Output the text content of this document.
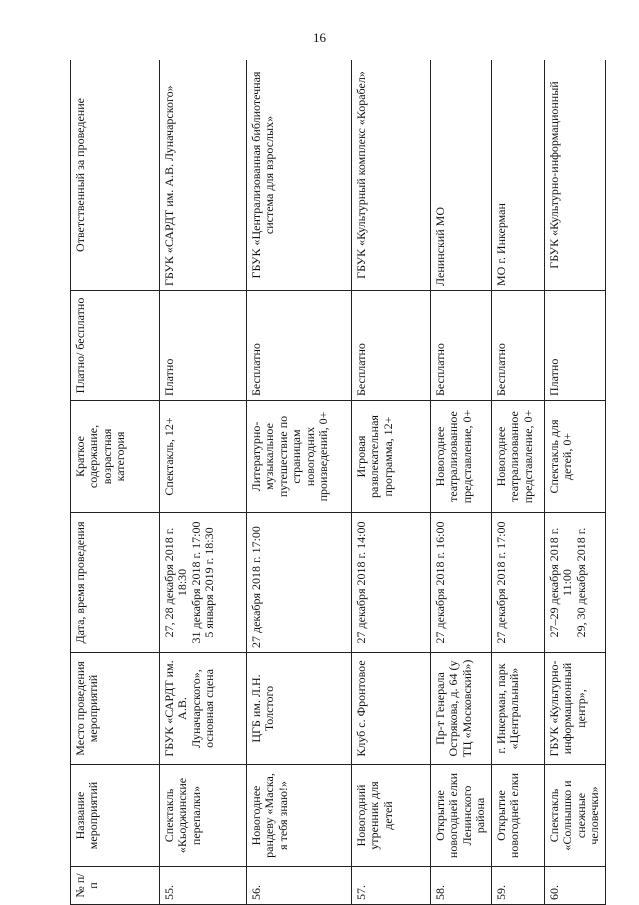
16
№ п/п	Название мероприятий	Место проведения мероприятий	Дата, время проведения	Краткое содержание, возрастная категория	Платно/ бесплатно	Ответственный за проведение
55.	Спектакль «Кьоджинские перепалки»	ГБУК «САРДТ им. А.В. Луначарского», основная сцена	27, 28 декабря 2018 г. 18:30
31 декабря 2018 г. 17:00
5 января 2019 г. 18:30	Спектакль, 12+	Платно	ГБУК «САРДТ им. А.В. Луначарского»
56.	Новогоднее рандеву «Маска, я тебя знаю!»	ЦГБ им. Л.Н. Толстого	27 декабря 2018 г. 17:00	Литературно-музыкальное путешествие по страницам новогодних произведений, 0+	Бесплатно	ГБУК «Централизованная библиотечная система для взрослых»
57.	Новогодний утренник для детей	Клуб с. Фронтовое	27 декабря 2018 г. 14:00	Игровая развлекательная программа, 12+	Бесплатно	ГБУК «Культурный комплекс «Корабел»
58.	Открытие новогодней елки Ленинского района	Пр-т Генерала Острякова, д. 64 (у ТЦ «Московский»)	27 декабря 2018 г. 16:00	Новогоднее театрализованное представление, 0+	Бесплатно	Ленинский МО
59.	Открытие новогодней елки	г. Инкерман, парк «Центральный»	27 декабря 2018 г. 17:00	Новогоднее театрализованное представление, 0+	Бесплатно	МО г. Инкерман
60.	Спектакль «Солнышко и снежные человечки»	ГБУК «Культурно-информационный центр»,	27–29 декабря 2018 г. 11:00
29, 30 декабря 2018 г.	Спектакль для детей, 0+	Платно	ГБУК «Культурно-информационный
